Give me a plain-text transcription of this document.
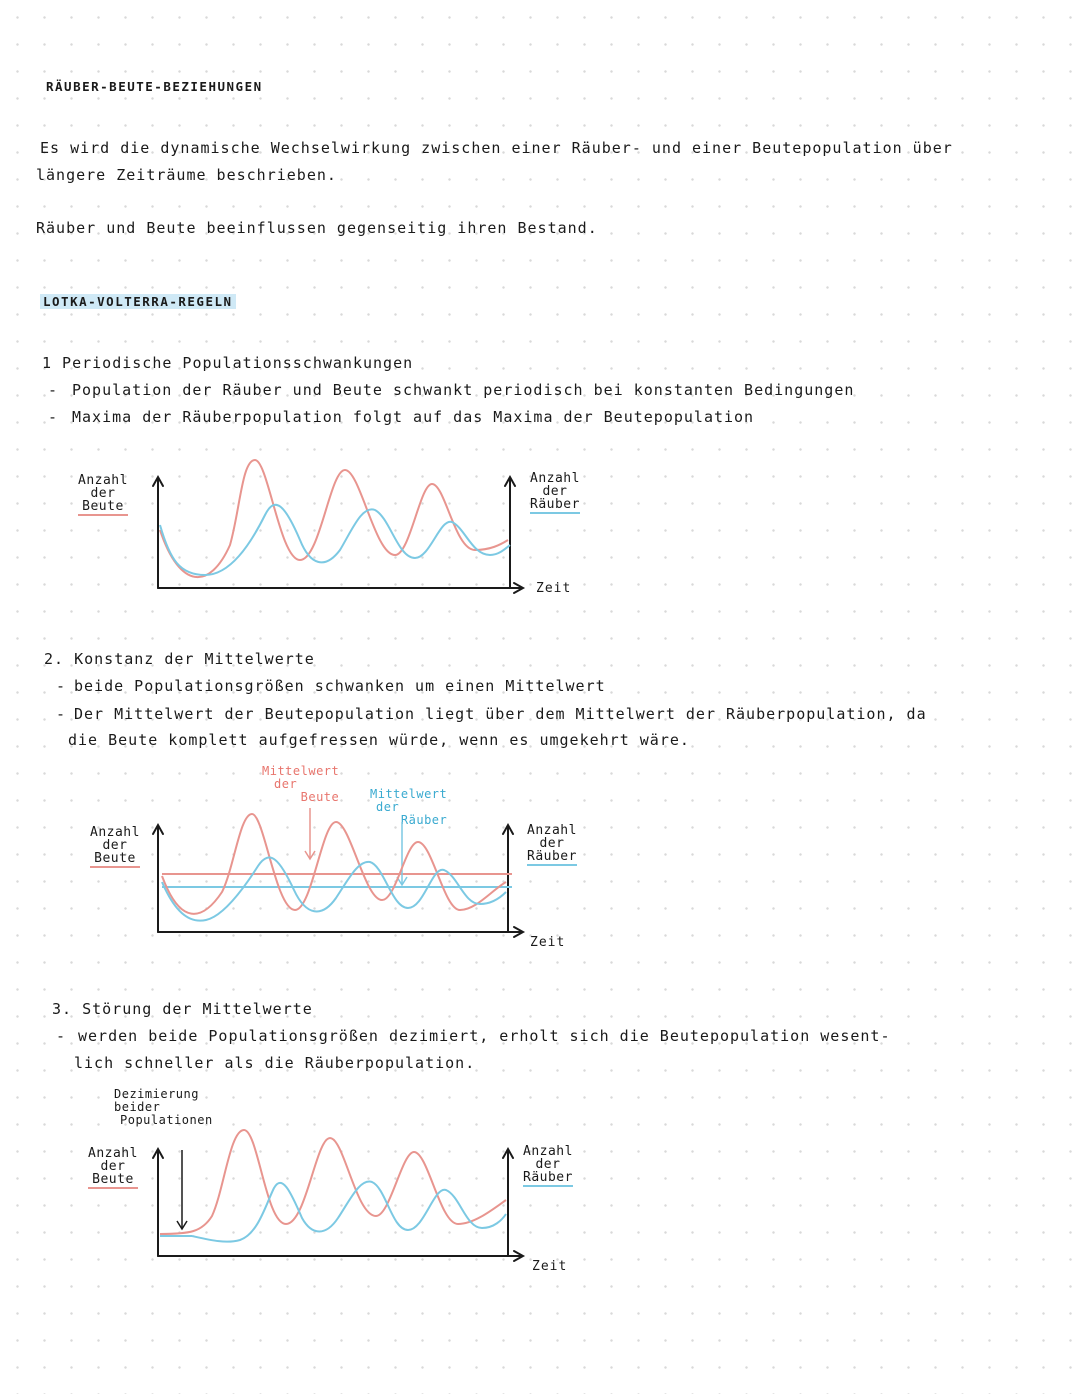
RÄUBER-BEUTE-BEZIEHUNGEN
Es wird die dynamische Wechselwirkung zwischen einer Räuber- und einer Beutepopulation über
längere Zeiträume beschrieben.
Räuber und Beute beeinflussen gegenseitig ihren Bestand.
LOTKA-VOLTERRA-REGELN
1 Periodische Populationsschwankungen
- Population der Räuber und Beute schwankt periodisch bei konstanten Bedingungen
- Maxima der Räuberpopulation folgt auf das Maxima der Beutepopulation
Anzahl
der
Beute
Anzahl
der
Räuber
Zeit
2. Konstanz der Mittelwerte
- beide Populationsgrößen schwanken um einen Mittelwert
- Der Mittelwert der Beutepopulation liegt über dem Mittelwert der Räuberpopulation, da
die Beute komplett aufgefressen würde, wenn es umgekehrt wäre.
Mittelwert
der
Beute	Mittelwert
der
Räuber
Anzahl
der
Beute
Anzahl
der
Räuber
Zeit
3. Störung der Mittelwerte
- werden beide Populationsgrößen dezimiert, erholt sich die Beutepopulation wesent-
lich schneller als die Räuberpopulation.
Dezimierung
beider
Populationen
Anzahl
der
Beute
Anzahl
der
Räuber
Zeit
